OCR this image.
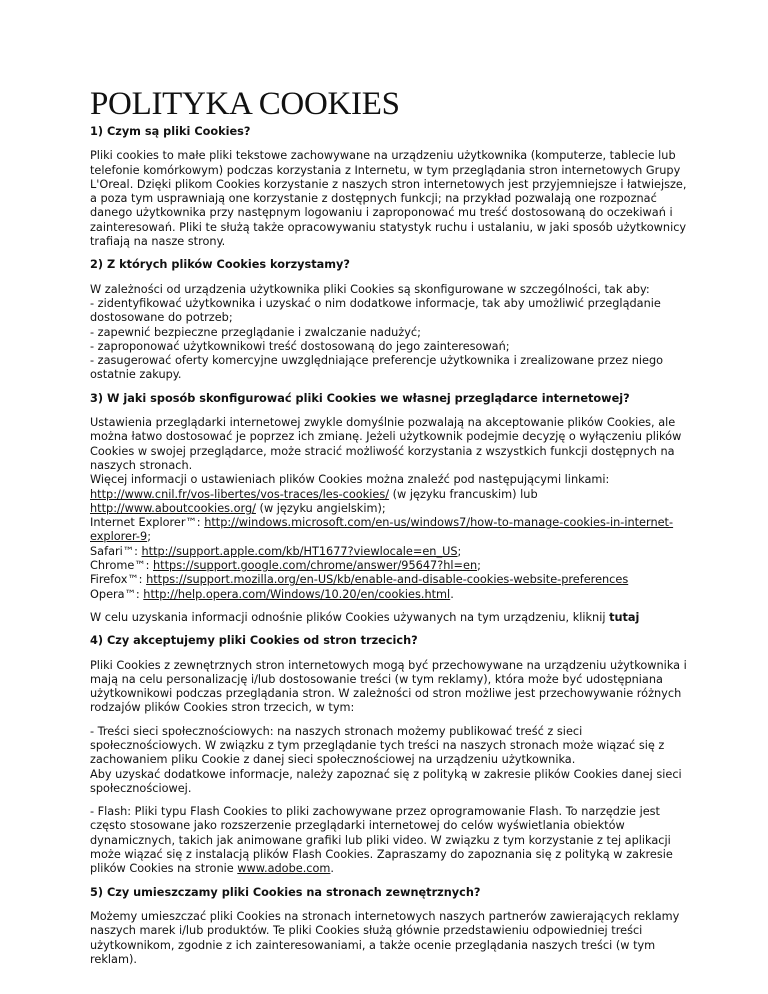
POLITYKA COOKIES
1) Czym są pliki Cookies?

Pliki cookies to małe pliki tekstowe zachowywane na urządzeniu użytkownika (komputerze, tablecie lub telefonie komórkowym) podczas korzystania z Internetu, w tym przeglądania stron internetowych Grupy L'Oreal. Dzięki plikom Cookies korzystanie z naszych stron internetowych jest przyjemniejsze i łatwiejsze, a poza tym usprawniają one korzystanie z dostępnych funkcji; na przykład pozwalają one rozpoznać danego użytkownika przy następnym logowaniu i zaproponować mu treść dostosowaną do oczekiwań i zainteresowań. Pliki te służą także opracowywaniu statystyk ruchu i ustalaniu, w jaki sposób użytkownicy trafiają na nasze strony.

2) Z których plików Cookies korzystamy?

W zależności od urządzenia użytkownika pliki Cookies są skonfigurowane w szczególności, tak aby:
- zidentyfikować użytkownika i uzyskać o nim dodatkowe informacje, tak aby umożliwić przeglądanie dostosowane do potrzeb;
- zapewnić bezpieczne przeglądanie i zwalczanie nadużyć;
- zaproponować użytkownikowi treść dostosowaną do jego zainteresowań;
- zasugerować oferty komercyjne uwzględniające preferencje użytkownika i zrealizowane przez niego ostatnie zakupy.

3) W jaki sposób skonfigurować pliki Cookies we własnej przeglądarce internetowej?

Ustawienia przeglądarki internetowej zwykle domyślnie pozwalają na akceptowanie plików Cookies, ale można łatwo dostosować je poprzez ich zmianę. Jeżeli użytkownik podejmie decyzję o wyłączeniu plików Cookies w swojej przeglądarce, może stracić możliwość korzystania z wszystkich funkcji dostępnych na naszych stronach.
Więcej informacji o ustawieniach plików Cookies można znaleźć pod następującymi linkami:
http://www.cnil.fr/vos-libertes/vos-traces/les-cookies/ (w języku francuskim) lub
http://www.aboutcookies.org/ (w języku angielskim);
Internet Explorer™: http://windows.microsoft.com/en-us/windows7/how-to-manage-cookies-in-internet-explorer-9;
Safari™: http://support.apple.com/kb/HT1677?viewlocale=en_US;
Chrome™: https://support.google.com/chrome/answer/95647?hl=en;
Firefox™: https://support.mozilla.org/en-US/kb/enable-and-disable-cookies-website-preferences
Opera™: http://help.opera.com/Windows/10.20/en/cookies.html.

W celu uzyskania informacji odnośnie plików Cookies używanych na tym urządzeniu, kliknij tutaj

4) Czy akceptujemy pliki Cookies od stron trzecich?

Pliki Cookies z zewnętrznych stron internetowych mogą być przechowywane na urządzeniu użytkownika i mają na celu personalizację i/lub dostosowanie treści (w tym reklamy), która może być udostępniana użytkownikowi podczas przeglądania stron. W zależności od stron możliwe jest przechowywanie różnych rodzajów plików Cookies stron trzecich, w tym:

- Treści sieci społecznościowych: na naszych stronach możemy publikować treść z sieci społecznościowych. W związku z tym przeglądanie tych treści na naszych stronach może wiązać się z zachowaniem pliku Cookie z danej sieci społecznościowej na urządzeniu użytkownika.
Aby uzyskać dodatkowe informacje, należy zapoznać się z polityką w zakresie plików Cookies danej sieci społecznościowej.

- Flash: Pliki typu Flash Cookies to pliki zachowywane przez oprogramowanie Flash. To narzędzie jest często stosowane jako rozszerzenie przeglądarki internetowej do celów wyświetlania obiektów dynamicznych, takich jak animowane grafiki lub pliki video. W związku z tym korzystanie z tej aplikacji może wiązać się z instalacją plików Flash Cookies. Zapraszamy do zapoznania się z polityką w zakresie plików Cookies na stronie www.adobe.com.

5) Czy umieszczamy pliki Cookies na stronach zewnętrznych?

Możemy umieszczać pliki Cookies na stronach internetowych naszych partnerów zawierających reklamy naszych marek i/lub produktów. Te pliki Cookies służą głównie przedstawieniu odpowiedniej treści użytkownikom, zgodnie z ich zainteresowaniami, a także ocenie przeglądania naszych treści (w tym reklam).
